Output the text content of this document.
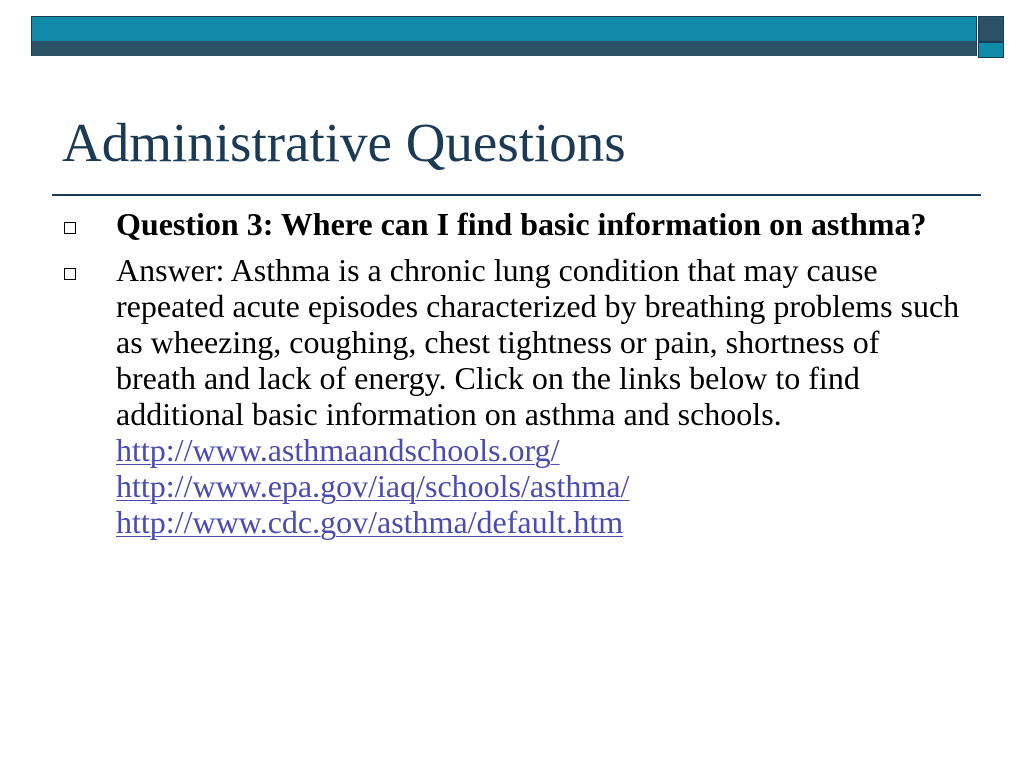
Administrative Questions
Question 3: Where can I find basic information on asthma?
Answer: Asthma is a chronic lung condition that may cause repeated acute episodes characterized by breathing problems such as wheezing, coughing, chest tightness or pain, shortness of breath and lack of energy. Click on the links below to find additional basic information on asthma and schools.
http://www.asthmaandschools.org/
http://www.epa.gov/iaq/schools/asthma/
http://www.cdc.gov/asthma/default.htm
